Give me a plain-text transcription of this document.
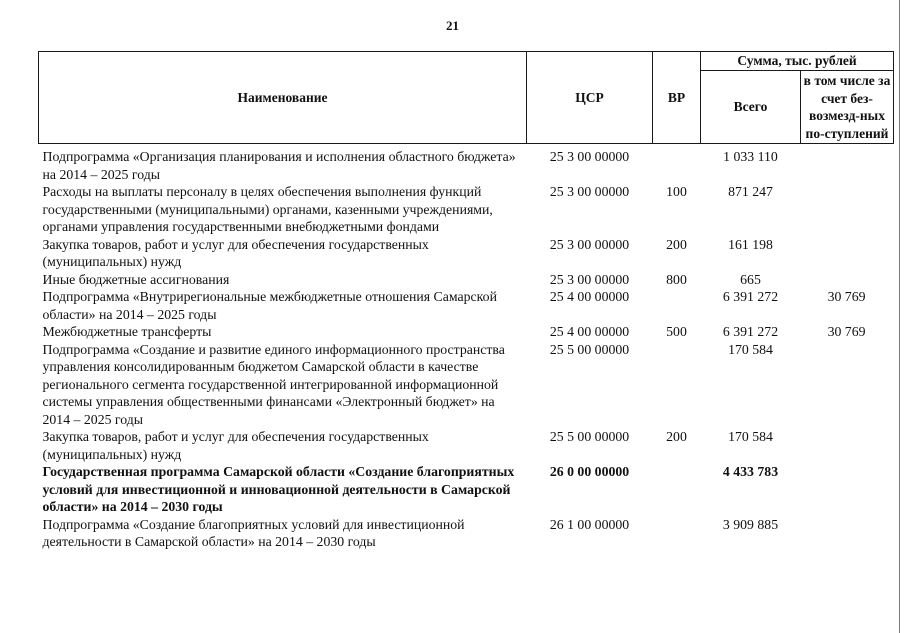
21
Наименование	ЦСР	ВР	Сумма, тыс. рублей	
			Всего	в том числе за счет без-возмезд-ных по-ступлений
Подпрограмма «Организация планирования и исполнения областного бюджета» на 2014 – 2025 годы	25 3 00 00000		1 033 110	
Расходы на выплаты персоналу в целях обеспечения выполнения функций государственными (муниципальными) органами, казенными учреждениями, органами управления государственными внебюджетными фондами	25 3 00 00000	100	871 247	
Закупка товаров, работ и услуг для обеспечения государственных (муниципальных) нужд	25 3 00 00000	200	161 198	
Иные бюджетные ассигнования	25 3 00 00000	800	665	
Подпрограмма «Внутрирегиональные межбюджетные отношения Самарской области» на 2014 – 2025 годы	25 4 00 00000		6 391 272	30 769
Межбюджетные трансферты	25 4 00 00000	500	6 391 272	30 769
Подпрограмма «Создание и развитие единого информационного пространства управления консолидированным бюджетом Самарской области в качестве регионального сегмента государственной интегрированной информационной системы управления общественными финансами «Электронный бюджет» на 2014 – 2025 годы	25 5 00 00000		170 584	
Закупка товаров, работ и услуг для обеспечения государственных (муниципальных) нужд	25 5 00 00000	200	170 584	
Государственная программа Самарской области «Создание благоприятных условий для инвестиционной и инновационной деятельности в Самарской области» на 2014 – 2030 годы	26 0 00 00000		4 433 783	
Подпрограмма «Создание благоприятных условий для инвестиционной деятельности в Самарской области» на 2014 – 2030 годы	26 1 00 00000		3 909 885	
